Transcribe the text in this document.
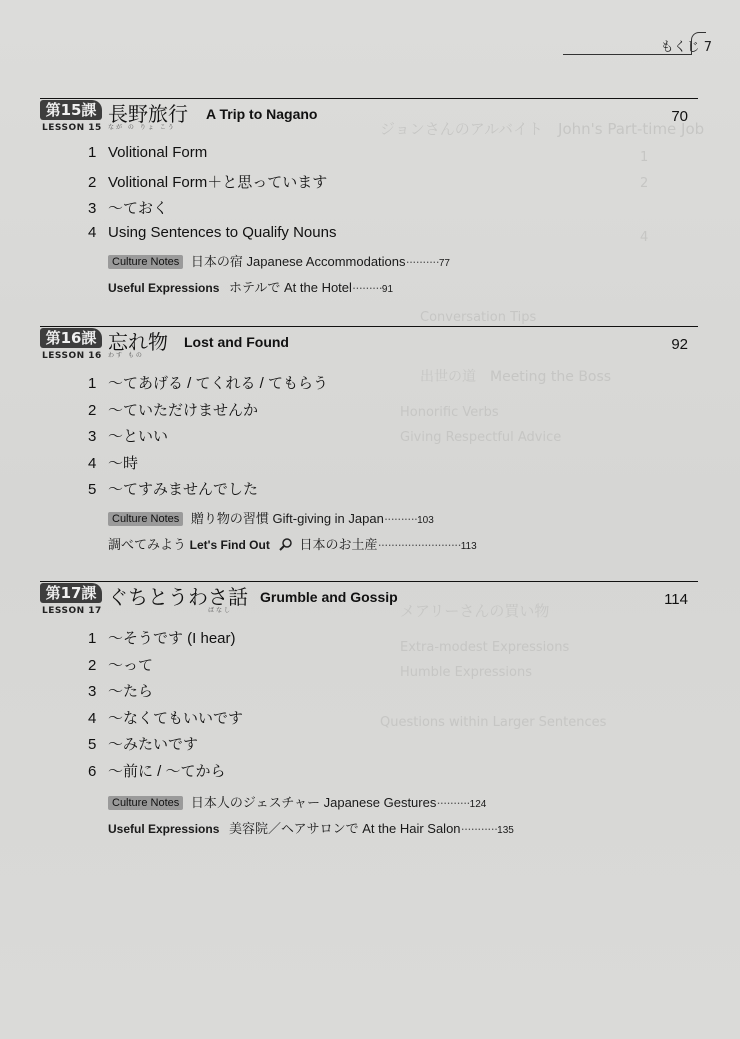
ジョンさんのアルバイト　John's Part-time Job
1
2
4
Conversation Tips
出世の道　Meeting the Boss
Honorific Verbs
Giving Respectful Advice
メアリーさんの買い物
Extra-modest Expressions
Humble Expressions
Questions within Larger Sentences
もくじ 7
第15課
LESSON 15
長野旅行
なが の りょ こう
A Trip to Nagano	70
1 Volitional Form
2 Volitional Form＋と思っています
3 〜ておく
4 Using Sentences to Qualify Nouns
Culture Notes 日本の宿 Japanese Accommodations··········77
Useful Expressions ホテルで At the Hotel·········91
第16課
LESSON 16
忘れ物
わす もの
Lost and Found	92
1 〜てあげる / てくれる / てもらう
2 〜ていただけませんか
3 〜といい
4 〜時
5 〜てすみませんでした
Culture Notes 贈り物の習慣 Gift-giving in Japan··········103
調べてみよう Let's Find Out 日本のお土産·························113
第17課
LESSON 17
ぐちとうわさ話
ばなし
Grumble and Gossip	114
1 〜そうです (I hear)
2 〜って
3 〜たら
4 〜なくてもいいです
5 〜みたいです
6 〜前に / 〜てから
Culture Notes 日本人のジェスチャー Japanese Gestures··········124
Useful Expressions 美容院／ヘアサロンで At the Hair Salon···········135
